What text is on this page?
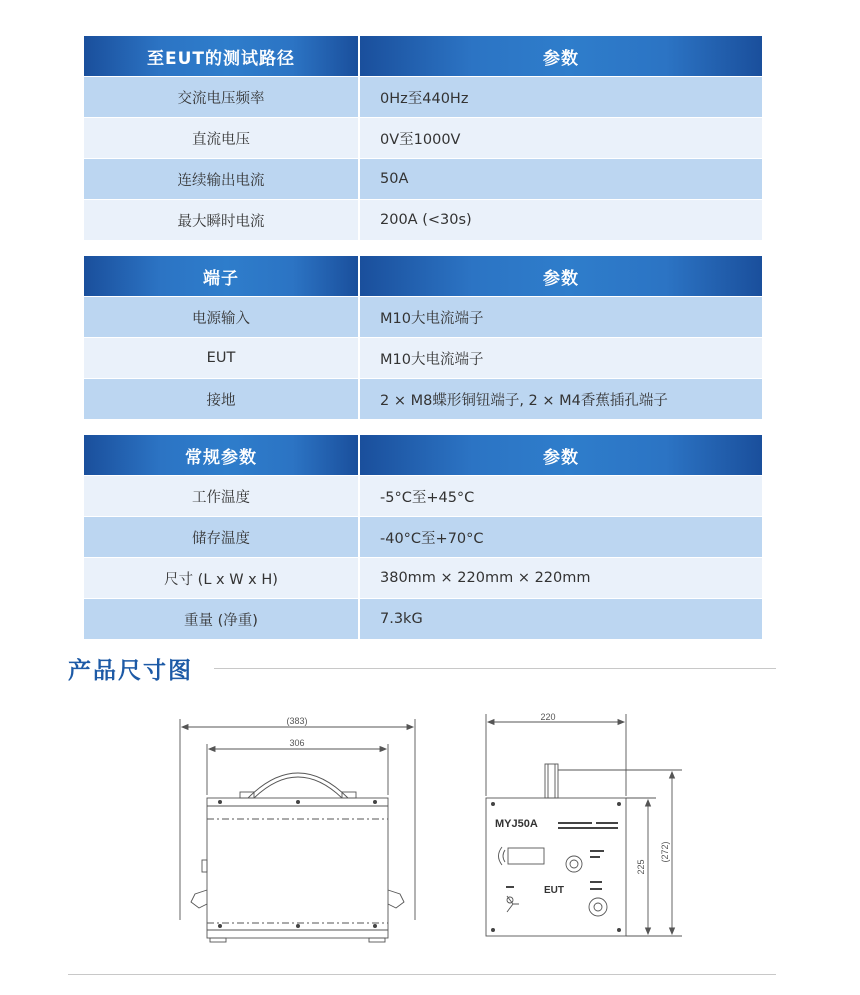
至EUT的测试路径	参数
交流电压频率	0Hz至440Hz
直流电压	0V至1000V
连续输出电流	50A
最大瞬时电流	200A (<30s)
端子	参数
电源输入	M10大电流端子
EUT	M10大电流端子
接地	2 × M8蝶形铜钮端子, 2 × M4香蕉插孔端子
常规参数	参数
工作温度	-5°C至+45°C
储存温度	-40°C至+70°C
尺寸 (L x W x H)	380mm × 220mm × 220mm
重量 (净重)	7.3kG
产品尺寸图
(383)
306
MYJ50A
EUT
220
225
(272)
